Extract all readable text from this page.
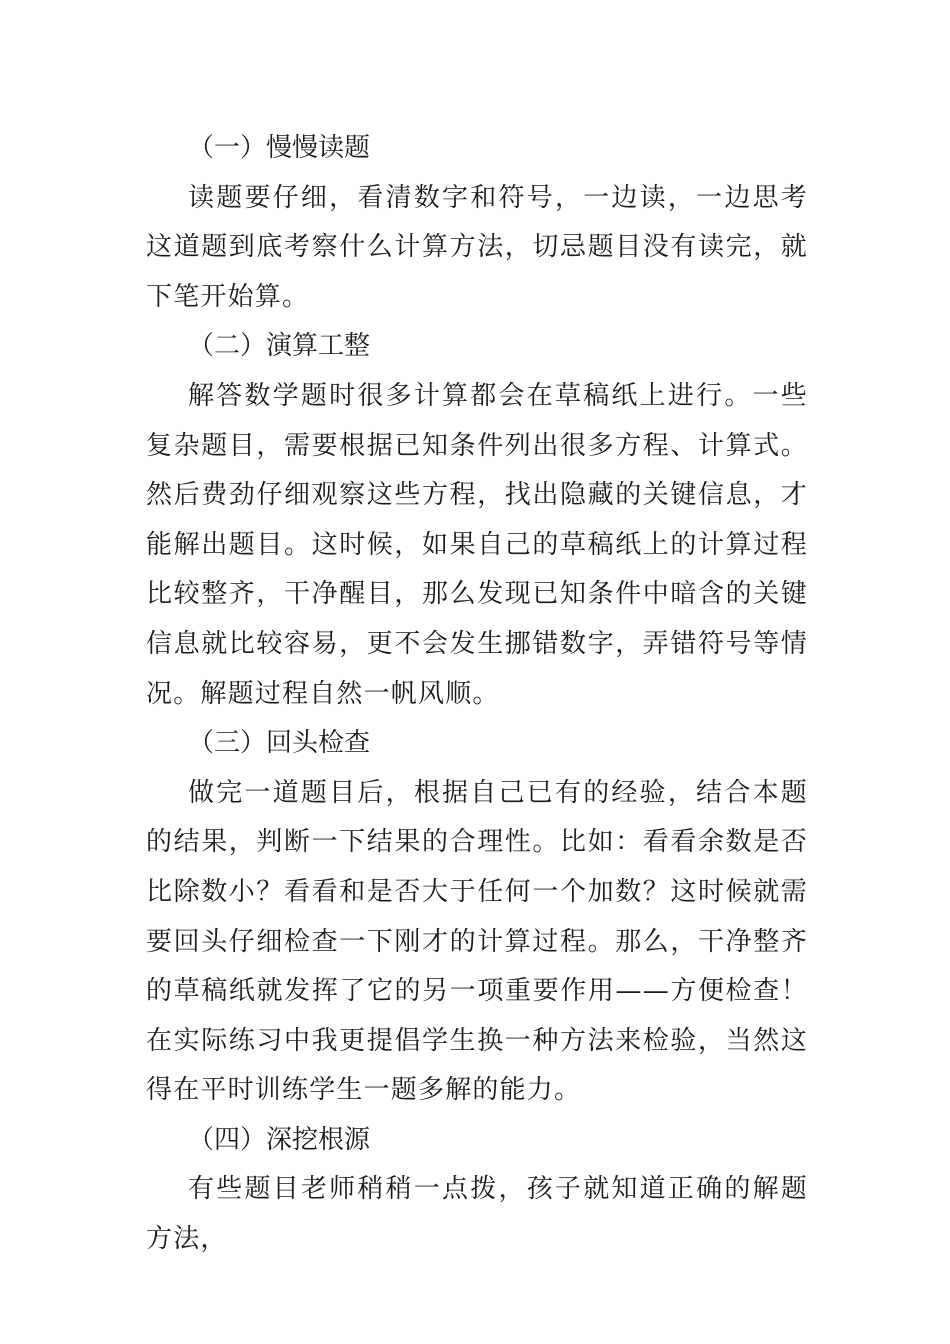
（一）慢慢读题

读题要仔细，看清数字和符号，一边读，一边思考这道题到底考察什么计算方法，切忌题目没有读完，就下笔开始算。

（二）演算工整

解答数学题时很多计算都会在草稿纸上进行。一些复杂题目，需要根据已知条件列出很多方程、计算式。然后费劲仔细观察这些方程，找出隐藏的关键信息，才能解出题目。这时候，如果自己的草稿纸上的计算过程比较整齐，干净醒目，那么发现已知条件中暗含的关键信息就比较容易，更不会发生挪错数字，弄错符号等情况。解题过程自然一帆风顺。

（三）回头检查

做完一道题目后，根据自己已有的经验，结合本题的结果，判断一下结果的合理性。比如：看看余数是否比除数小？看看和是否大于任何一个加数？这时候就需要回头仔细检查一下刚才的计算过程。那么，干净整齐的草稿纸就发挥了它的另一项重要作用——方便检查！在实际练习中我更提倡学生换一种方法来检验，当然这得在平时训练学生一题多解的能力。

（四）深挖根源

有些题目老师稍稍一点拨，孩子就知道正确的解题方法，
